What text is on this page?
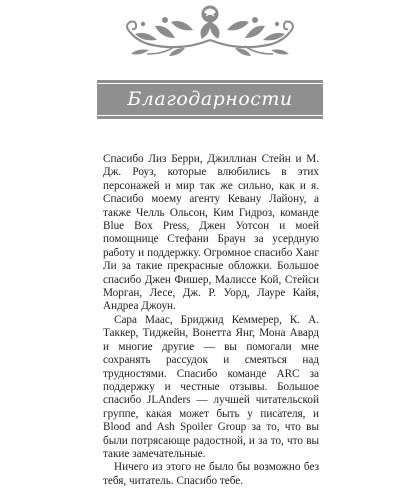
Благодарности

Спасибо Лиз Берри, Джиллиан Стейн и М. Дж. Роуз, которые влюбились в этих персонажей и мир так же сильно, как и я. Спасибо моему агенту Кевану Лайону, а также Челль Ольсон, Ким Гидроз, команде Blue Box Press, Джен Уотсон и моей помощнице Стефани Браун за усердную работу и поддержку. Огромное спасибо Ханг Ли за такие прекрасные обложки. Большое спасибо Джен Фишер, Малиссе Кой, Стейси Морган, Лесе, Дж. Р. Уорд, Лауре Кайя, Андреа Джоун.

Сара Маас, Бриджид Кеммерер, К. А. Таккер, Тиджейн, Вонетта Янг, Мона Авард и многие другие — вы помогали мне сохранять рассудок и смеяться над трудностями. Спасибо команде ARC за поддержку и честные отзывы. Большое спасибо JLAnders — лучшей читательской группе, какая может быть у писателя, и Blood and Ash Spoiler Group за то, что вы были потрясающе радостной, и за то, что вы такие замечательные.

Ничего из этого не было бы возможно без тебя, читатель. Спасибо тебе.
